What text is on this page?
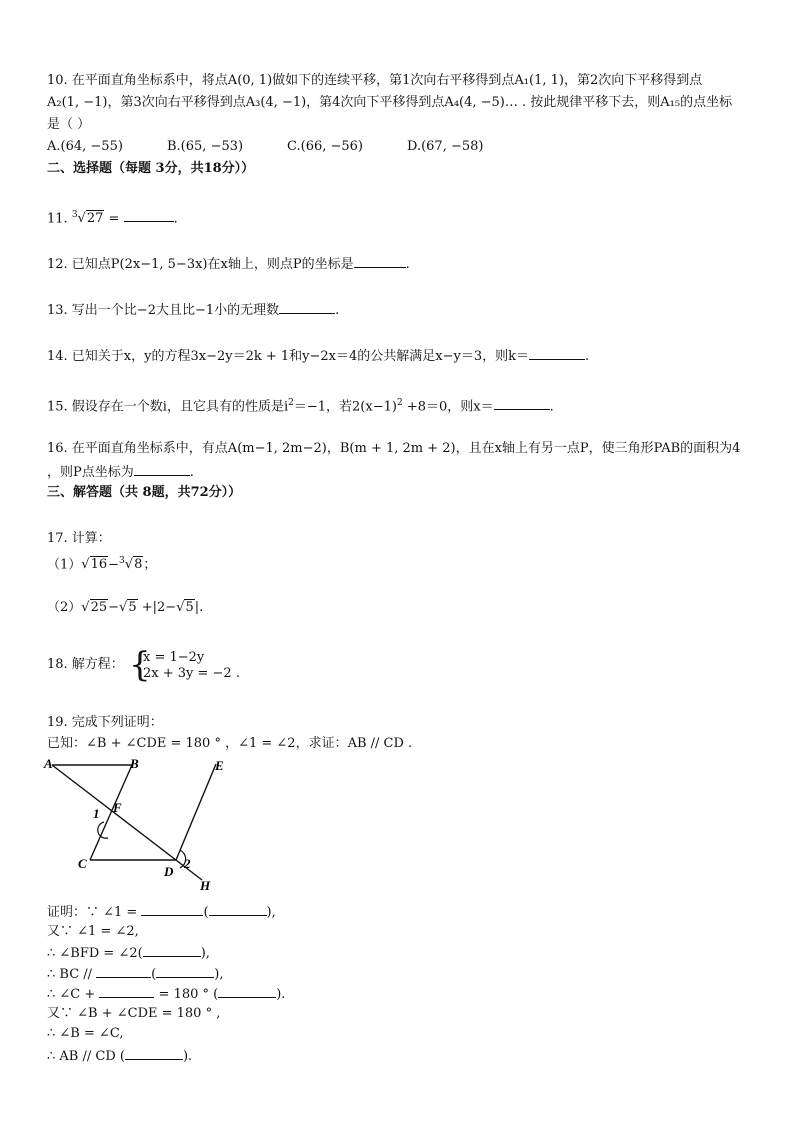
10. 在平面直角坐标系中，将点A(0, 1)做如下的连续平移，第1次向右平移得到点A₁(1, 1)，第2次向下平移得到点
A₂(1, −1)，第3次向右平移得到点A₃(4, −1)，第4次向下平移得到点A₄(4, −5)… . 按此规律平移下去，则A₁₅的点坐标
是（ ）
A.(64, −55)	B.(65, −53)	C.(66, −56)	D.(67, −58)
二、选择题（每题 3分，共18分））
11. $^3$√27 =	.
12. 已知点P(2x−1, 5−3x)在x轴上，则点P的坐标是	.
13. 写出一个比−2大且比−1小的无理数	.
14. 已知关于x，y的方程3x−2y＝2k + 1和y−2x＝4的公共解满足x−y＝3，则k＝	.
15. 假设存在一个数i，且它具有的性质是$i^2=-1$，若$2(x-1)^2 +8=0$，则x＝	.
16. 在平面直角坐标系中，有点A(m−1, 2m−2)，B(m + 1, 2m + 2)，且在x轴上有另一点P，使三角形PAB的面积为4
，则P点坐标为	.
三、解答题（共 8题，共72分））
17. 计算：
（1）√16−$^3$√8；
（2）√25−√5 +|2−√5|.
18. 解方程： {
x = 1−2y
2x + 3y = −2 .
19. 完成下列证明：
已知：∠B + ∠CDE = 180 ° ，∠1 = ∠2，求证：AB // CD .
A	B	E
F
1
C
D
2
H
证明：∵ ∠1 =	(	),
又∵ ∠1 = ∠2,
∴ ∠BFD = ∠2(	),
∴ BC //	(	),
∴ ∠C +	= 180 ° (	).
又∵ ∠B + ∠CDE = 180 ° ,
∴ ∠B = ∠C,
∴ AB // CD (	).
